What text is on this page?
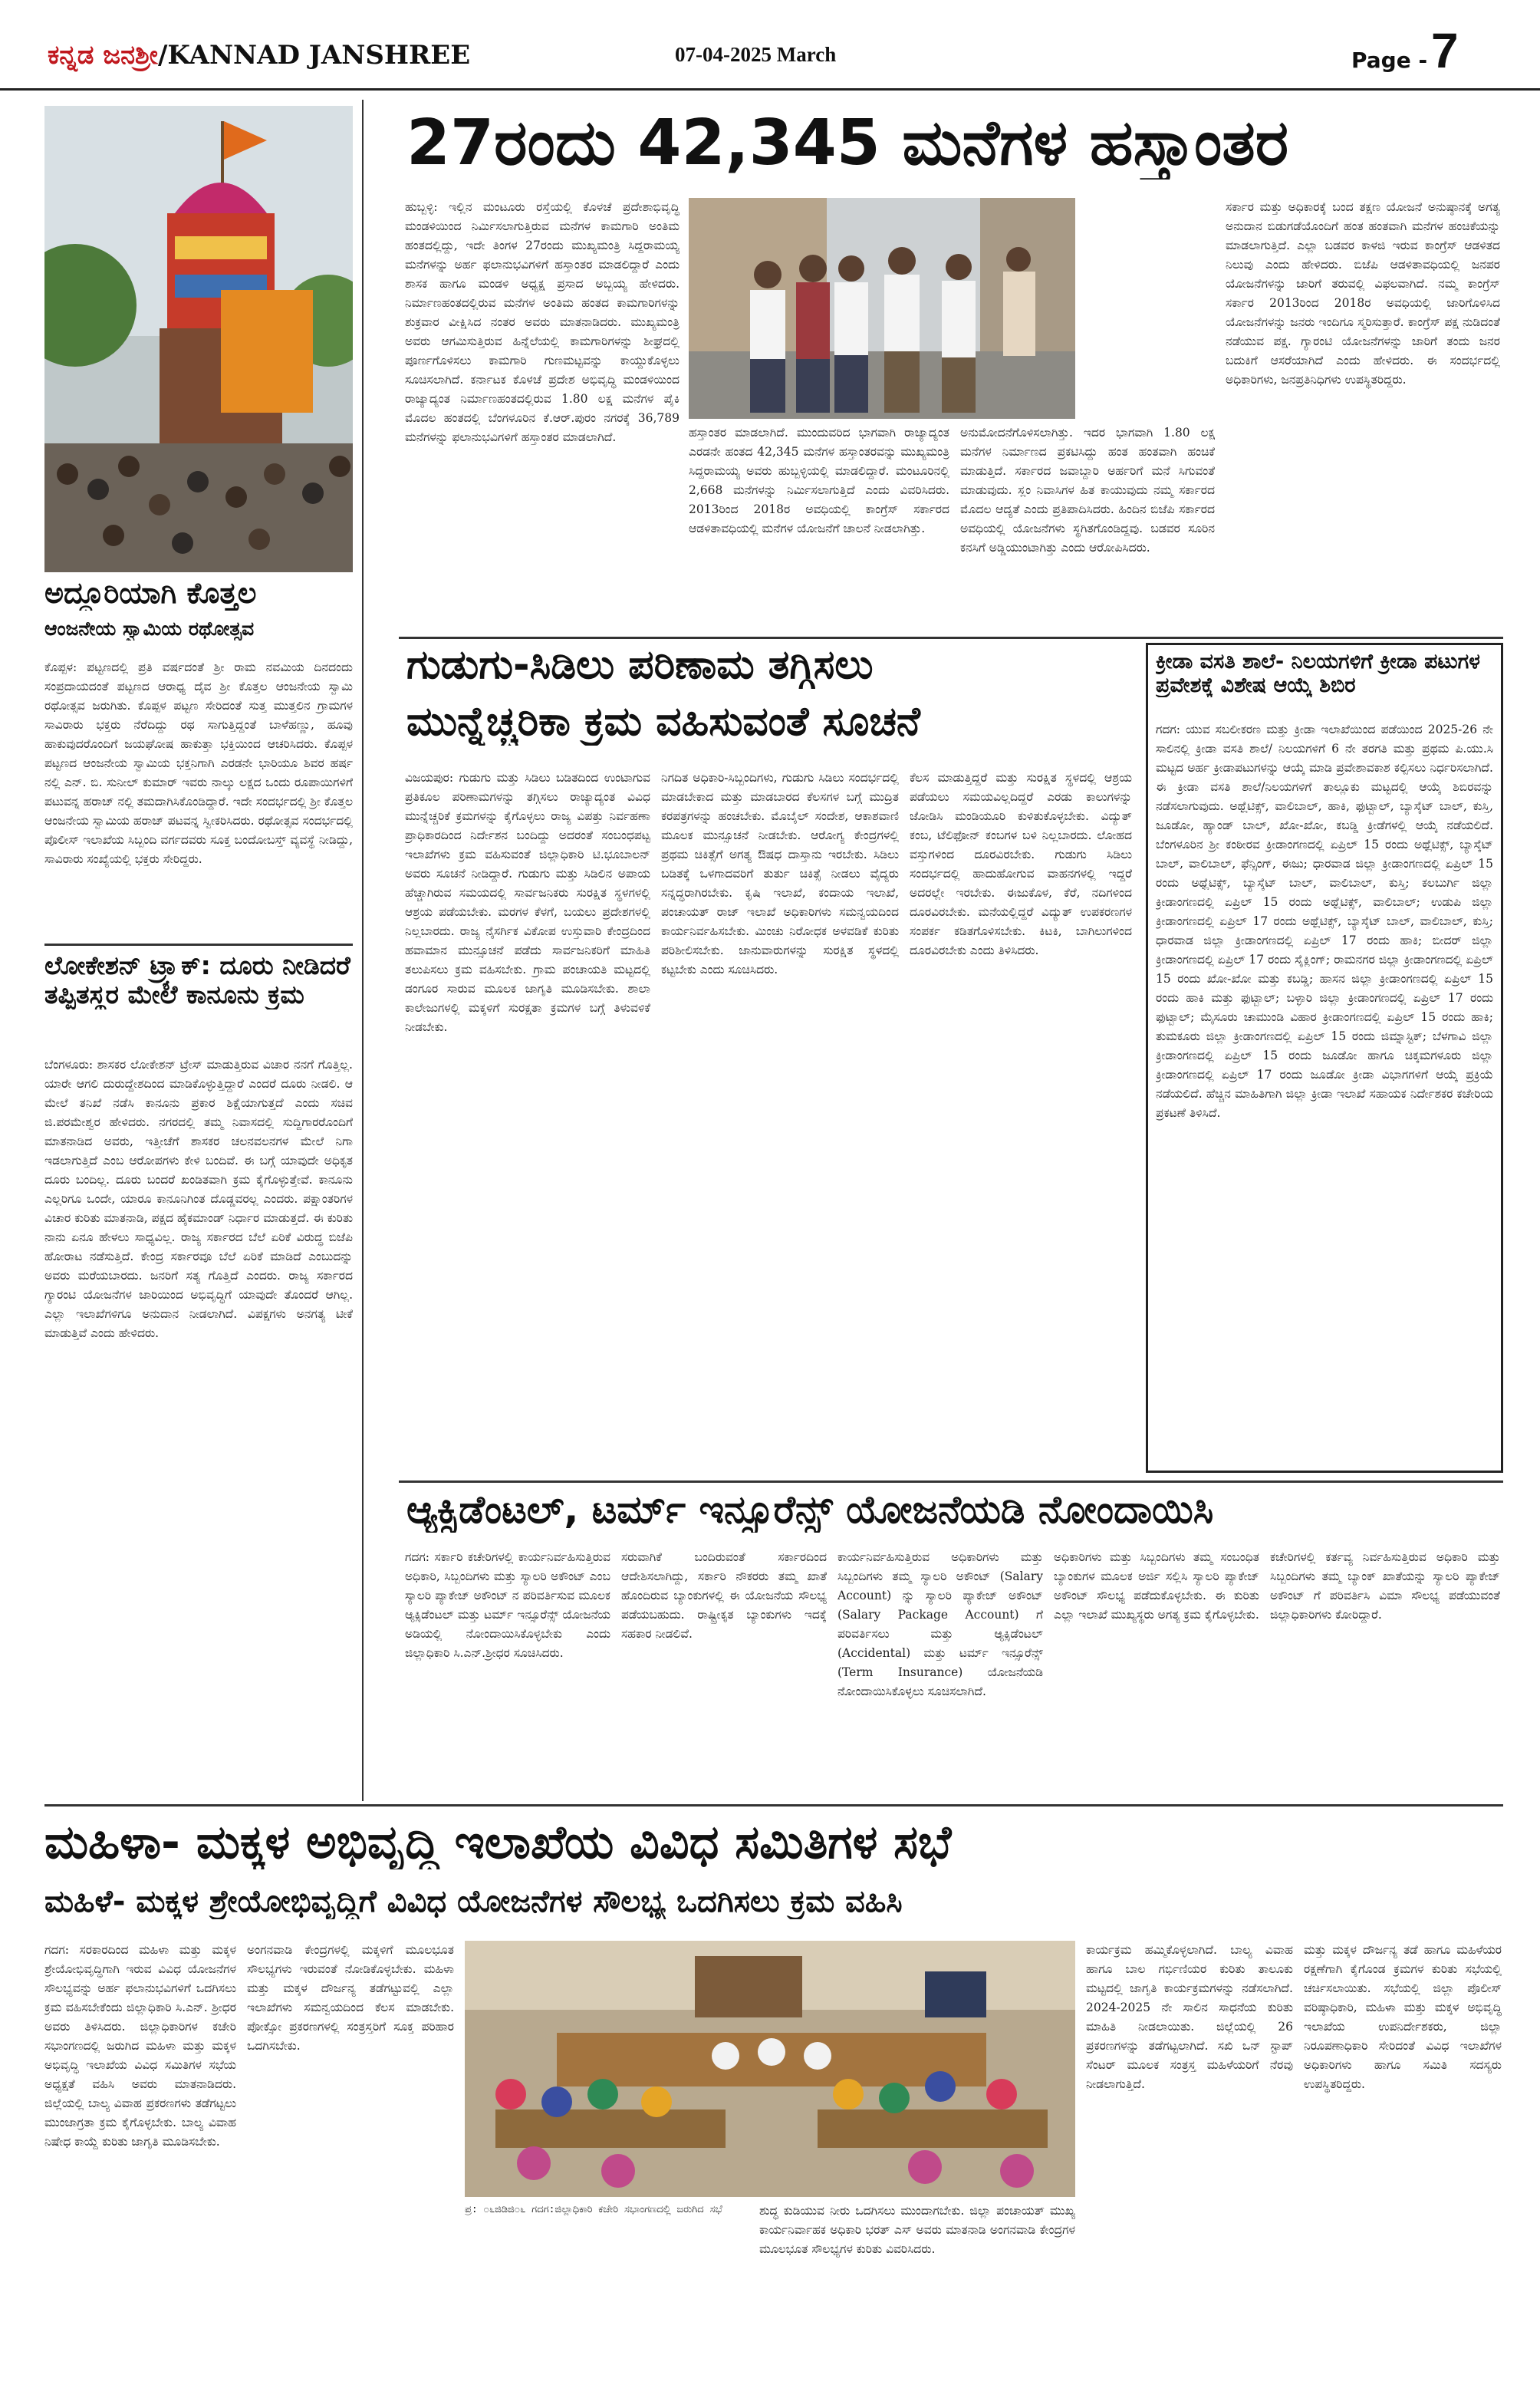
ಕನ್ನಡ ಜನಶ್ರೀ/KANNAD JANSHREE	07-04-2025 March	Page - 7
ಅದ್ದೂರಿಯಾಗಿ ಕೊತ್ತಲ
ಆಂಜನೇಯ ಸ್ವಾಮಿಯ ರಥೋತ್ಸವ
ಕೊಪ್ಪಳ: ಪಟ್ಟಣದಲ್ಲಿ ಪ್ರತಿ ವರ್ಷದಂತೆ ಶ್ರೀ ರಾಮ ನವಮಿಯ ದಿನದಂದು ಸಂಪ್ರದಾಯದಂತೆ ಪಟ್ಟಣದ ಆರಾಧ್ಯ ದೈವ ಶ್ರೀ ಕೊತ್ತಲ ಆಂಜನೇಯ ಸ್ವಾಮಿ ರಥೋತ್ಸವ ಜರುಗಿತು. ಕೊಪ್ಪಳ ಪಟ್ಟಣ ಸೇರಿದಂತೆ ಸುತ್ತ ಮುತ್ತಲಿನ ಗ್ರಾಮಗಳ ಸಾವಿರಾರು ಭಕ್ತರು ನೆರೆದಿದ್ದು ರಥ ಸಾಗುತ್ತಿದ್ದಂತೆ ಬಾಳೆಹಣ್ಣು, ಹೂವು ಹಾಕುವುದರೊಂದಿಗೆ ಜಯಘೋಷ ಹಾಕುತ್ತಾ ಭಕ್ತಿಯಿಂದ ಆಚರಿಸಿದರು. ಕೊಪ್ಪಳ ಪಟ್ಟಣದ ಆಂಜನೇಯ ಸ್ವಾಮಿಯ ಭಕ್ತನಿಗಾಗಿ ಎರಡನೇ ಭಾರಿಯೂ ಶಿವರ ಹರ್ಷ ನಲ್ಲಿ ಎನ್. ಬಿ. ಸುನೀಲ್ ಕುಮಾರ್ ಇವರು ನಾಲ್ಕು ಲಕ್ಷದ ಒಂದು ರೂಪಾಯಿಗಳಿಗೆ ಪಟುವನ್ನ ಹರಾಜ್ ನಲ್ಲಿ ತಮದಾಗಿಸಿಕೊಂಡಿದ್ದಾರೆ. ಇದೇ ಸಂದರ್ಭದಲ್ಲಿ ಶ್ರೀ ಕೊತ್ತಲ ಆಂಜನೇಯ ಸ್ವಾಮಿಯ ಹರಾಜ್ ಪಟವನ್ನ ಸ್ವೀಕರಿಸಿದರು. ರಥೋತ್ಸವ ಸಂದರ್ಭದಲ್ಲಿ ಪೊಲೀಸ್ ಇಲಾಖೆಯ ಸಿಬ್ಬಂದಿ ವರ್ಗದವರು ಸೂಕ್ತ ಬಂದೋಬಸ್ತ್ ವ್ಯವಸ್ಥೆ ನೀಡಿದ್ದು, ಸಾವಿರಾರು ಸಂಖ್ಯೆಯಲ್ಲಿ ಭಕ್ತರು ಸೇರಿದ್ದರು.
ಲೋಕೇಶನ್ ಟ್ರ್ಯಾಕ್: ದೂರು ನೀಡಿದರೆ ತಪ್ಪಿತಸ್ಥರ ಮೇಲೆ ಕಾನೂನು ಕ್ರಮ
ಬೆಂಗಳೂರು: ಶಾಸಕರ ಲೋಕೇಶನ್ ಟ್ರೇಸ್ ಮಾಡುತ್ತಿರುವ ವಿಚಾರ ನನಗೆ ಗೊತ್ತಿಲ್ಲ. ಯಾರೇ ಆಗಲಿ ದುರುದ್ದೇಶದಿಂದ ಮಾಡಿಕೊಳ್ಳುತ್ತಿದ್ದಾರೆ ಎಂದರೆ ದೂರು ನೀಡಲಿ. ಆ ಮೇಲೆ ತನಿಖೆ ನಡೆಸಿ ಕಾನೂನು ಪ್ರಕಾರ ಶಿಕ್ಷೆಯಾಗುತ್ತದೆ ಎಂದು ಸಚಿವ ಜಿ.ಪರಮೇಶ್ವರ ಹೇಳಿದರು. ನಗರದಲ್ಲಿ ತಮ್ಮ ನಿವಾಸದಲ್ಲಿ ಸುದ್ದಿಗಾರರೊಂದಿಗೆ ಮಾತನಾಡಿದ ಅವರು, ಇತ್ತೀಚೆಗೆ ಶಾಸಕರ ಚಲನವಲನಗಳ ಮೇಲೆ ನಿಗಾ ಇಡಲಾಗುತ್ತಿದೆ ಎಂಬ ಆರೋಪಗಳು ಕೇಳಿ ಬಂದಿವೆ. ಈ ಬಗ್ಗೆ ಯಾವುದೇ ಅಧಿಕೃತ ದೂರು ಬಂದಿಲ್ಲ. ದೂರು ಬಂದರೆ ಖಂಡಿತವಾಗಿ ಕ್ರಮ ಕೈಗೊಳ್ಳುತ್ತೇವೆ. ಕಾನೂನು ಎಲ್ಲರಿಗೂ ಒಂದೇ, ಯಾರೂ ಕಾನೂನಿಗಿಂತ ದೊಡ್ಡವರಲ್ಲ ಎಂದರು. ಪಕ್ಷಾಂತರಿಗಳ ವಿಚಾರ ಕುರಿತು ಮಾತನಾಡಿ, ಪಕ್ಷದ ಹೈಕಮಾಂಡ್ ನಿರ್ಧಾರ ಮಾಡುತ್ತದೆ. ಈ ಕುರಿತು ನಾನು ಏನೂ ಹೇಳಲು ಸಾಧ್ಯವಿಲ್ಲ. ರಾಜ್ಯ ಸರ್ಕಾರದ ಬೆಲೆ ಏರಿಕೆ ವಿರುದ್ಧ ಬಿಜೆಪಿ ಹೋರಾಟ ನಡೆಸುತ್ತಿದೆ. ಕೇಂದ್ರ ಸರ್ಕಾರವೂ ಬೆಲೆ ಏರಿಕೆ ಮಾಡಿದೆ ಎಂಬುದನ್ನು ಅವರು ಮರೆಯಬಾರದು. ಜನರಿಗೆ ಸತ್ಯ ಗೊತ್ತಿದೆ ಎಂದರು. ರಾಜ್ಯ ಸರ್ಕಾರದ ಗ್ಯಾರಂಟಿ ಯೋಜನೆಗಳ ಜಾರಿಯಿಂದ ಅಭಿವೃದ್ಧಿಗೆ ಯಾವುದೇ ತೊಂದರೆ ಆಗಿಲ್ಲ. ಎಲ್ಲಾ ಇಲಾಖೆಗಳಿಗೂ ಅನುದಾನ ನೀಡಲಾಗಿದೆ. ವಿಪಕ್ಷಗಳು ಅನಗತ್ಯ ಟೀಕೆ ಮಾಡುತ್ತಿವೆ ಎಂದು ಹೇಳಿದರು.
27ರಂದು 42,345 ಮನೆಗಳ ಹಸ್ತಾಂತರ
ಹುಬ್ಬಳ್ಳಿ: ಇಲ್ಲಿನ ಮಂಟೂರು ರಸ್ತೆಯಲ್ಲಿ ಕೊಳಚೆ ಪ್ರದೇಶಾಭಿವೃದ್ಧಿ ಮಂಡಳಿಯಿಂದ ನಿರ್ಮಿಸಲಾಗುತ್ತಿರುವ ಮನೆಗಳ ಕಾಮಗಾರಿ ಅಂತಿಮ ಹಂತದಲ್ಲಿದ್ದು, ಇದೇ ತಿಂಗಳ 27ರಂದು ಮುಖ್ಯಮಂತ್ರಿ ಸಿದ್ದರಾಮಯ್ಯ ಮನೆಗಳನ್ನು ಅರ್ಹ ಫಲಾನುಭವಿಗಳಿಗೆ ಹಸ್ತಾಂತರ ಮಾಡಲಿದ್ದಾರೆ ಎಂದು ಶಾಸಕ ಹಾಗೂ ಮಂಡಳಿ ಅಧ್ಯಕ್ಷ ಪ್ರಸಾದ ಅಬ್ಬಯ್ಯ ಹೇಳಿದರು. ನಿರ್ಮಾಣಹಂತದಲ್ಲಿರುವ ಮನೆಗಳ ಅಂತಿಮ ಹಂತದ ಕಾಮಗಾರಿಗಳನ್ನು ಶುಕ್ರವಾರ ವೀಕ್ಷಿಸಿದ ನಂತರ ಅವರು ಮಾತನಾಡಿದರು. ಮುಖ್ಯಮಂತ್ರಿ ಅವರು ಆಗಮಿಸುತ್ತಿರುವ ಹಿನ್ನೆಲೆಯಲ್ಲಿ ಕಾಮಗಾರಿಗಳನ್ನು ಶೀಘ್ರದಲ್ಲಿ ಪೂರ್ಣಗೊಳಿಸಲು ಕಾಮಗಾರಿ ಗುಣಮಟ್ಟವನ್ನು ಕಾಯ್ದುಕೊಳ್ಳಲು ಸೂಚಿಸಲಾಗಿದೆ. ಕರ್ನಾಟಕ ಕೊಳಚೆ ಪ್ರದೇಶ ಅಭಿವೃದ್ಧಿ ಮಂಡಳಿಯಿಂದ ರಾಜ್ಯಾದ್ಯಂತ ನಿರ್ಮಾಣಹಂತದಲ್ಲಿರುವ 1.80 ಲಕ್ಷ ಮನೆಗಳ ಪೈಕಿ ಮೊದಲ ಹಂತದಲ್ಲಿ ಬೆಂಗಳೂರಿನ ಕೆ.ಆರ್.ಪುರಂ ನಗರಕ್ಕೆ 36,789 ಮನೆಗಳನ್ನು ಫಲಾನುಭವಿಗಳಿಗೆ ಹಸ್ತಾಂತರ ಮಾಡಲಾಗಿದೆ.	ಹಸ್ತಾಂತರ ಮಾಡಲಾಗಿದೆ. ಮುಂದುವರಿದ ಭಾಗವಾಗಿ ರಾಜ್ಯಾದ್ಯಂತ ಎರಡನೇ ಹಂತದ 42,345 ಮನೆಗಳ ಹಸ್ತಾಂತರವನ್ನು ಮುಖ್ಯಮಂತ್ರಿ ಸಿದ್ದರಾಮಯ್ಯ ಅವರು ಹುಬ್ಬಳ್ಳಿಯಲ್ಲಿ ಮಾಡಲಿದ್ದಾರೆ. ಮಂಟೂರಿನಲ್ಲಿ 2,668 ಮನೆಗಳನ್ನು ನಿರ್ಮಿಸಲಾಗುತ್ತಿದೆ ಎಂದು ವಿವರಿಸಿದರು. 2013ರಿಂದ 2018ರ ಅವಧಿಯಲ್ಲಿ ಕಾಂಗ್ರೆಸ್ ಸರ್ಕಾರದ ಆಡಳಿತಾವಧಿಯಲ್ಲಿ ಮನೆಗಳ ಯೋಜನೆಗೆ ಚಾಲನೆ ನೀಡಲಾಗಿತ್ತು.
ಅನುಮೋದನೆಗೊಳಿಸಲಾಗಿತ್ತು. ಇದರ ಭಾಗವಾಗಿ 1.80 ಲಕ್ಷ ಮನೆಗಳ ನಿರ್ಮಾಣದ ಪ್ರಕಟಿಸಿದ್ದು ಹಂತ ಹಂತವಾಗಿ ಹಂಚಿಕೆ ಮಾಡುತ್ತಿದೆ. ಸರ್ಕಾರದ ಜವಾಬ್ದಾರಿ ಅರ್ಹರಿಗೆ ಮನೆ ಸಿಗುವಂತೆ ಮಾಡುವುದು. ಸ್ಲಂ ನಿವಾಸಿಗಳ ಹಿತ ಕಾಯುವುದು ನಮ್ಮ ಸರ್ಕಾರದ ಮೊದಲ ಆದ್ಯತೆ ಎಂದು ಪ್ರತಿಪಾದಿಸಿದರು. ಹಿಂದಿನ ಬಿಜೆಪಿ ಸರ್ಕಾರದ ಅವಧಿಯಲ್ಲಿ ಯೋಜನೆಗಳು ಸ್ಥಗಿತಗೊಂಡಿದ್ದವು. ಬಡವರ ಸೂರಿನ ಕನಸಿಗೆ ಅಡ್ಡಿಯುಂಟಾಗಿತ್ತು ಎಂದು ಆರೋಪಿಸಿದರು.
ಸರ್ಕಾರ ಮತ್ತು ಅಧಿಕಾರಕ್ಕೆ ಬಂದ ತಕ್ಷಣ ಯೋಜನೆ ಅನುಷ್ಠಾನಕ್ಕೆ ಅಗತ್ಯ ಅನುದಾನ ಬಿಡುಗಡೆಯೊಂದಿಗೆ ಹಂತ ಹಂತವಾಗಿ ಮನೆಗಳ ಹಂಚಿಕೆಯನ್ನು ಮಾಡಲಾಗುತ್ತಿದೆ. ಎಲ್ಲಾ ಬಡವರ ಕಾಳಜಿ ಇರುವ ಕಾಂಗ್ರೆಸ್ ಆಡಳಿತದ ನಿಲುವು ಎಂದು ಹೇಳಿದರು. ಬಿಜೆಪಿ ಆಡಳಿತಾವಧಿಯಲ್ಲಿ ಜನಪರ ಯೋಜನೆಗಳನ್ನು ಜಾರಿಗೆ ತರುವಲ್ಲಿ ವಿಫಲವಾಗಿದೆ. ನಮ್ಮ ಕಾಂಗ್ರೆಸ್ ಸರ್ಕಾರ 2013ರಿಂದ 2018ರ ಅವಧಿಯಲ್ಲಿ ಜಾರಿಗೊಳಿಸಿದ ಯೋಜನೆಗಳನ್ನು ಜನರು ಇಂದಿಗೂ ಸ್ಮರಿಸುತ್ತಾರೆ. ಕಾಂಗ್ರೆಸ್ ಪಕ್ಷ ನುಡಿದಂತೆ ನಡೆಯುವ ಪಕ್ಷ. ಗ್ಯಾರಂಟಿ ಯೋಜನೆಗಳನ್ನು ಜಾರಿಗೆ ತಂದು ಜನರ ಬದುಕಿಗೆ ಆಸರೆಯಾಗಿದೆ ಎಂದು ಹೇಳಿದರು. ಈ ಸಂದರ್ಭದಲ್ಲಿ ಅಧಿಕಾರಿಗಳು, ಜನಪ್ರತಿನಿಧಿಗಳು ಉಪಸ್ಥಿತರಿದ್ದರು.
ಗುಡುಗು-ಸಿಡಿಲು ಪರಿಣಾಮ ತಗ್ಗಿಸಲು
ಮುನ್ನೆಚ್ಚರಿಕಾ ಕ್ರಮ ವಹಿಸುವಂತೆ ಸೂಚನೆ
ವಿಜಯಪುರ: ಗುಡುಗು ಮತ್ತು ಸಿಡಿಲು ಬಡಿತದಿಂದ ಉಂಟಾಗುವ ಪ್ರತಿಕೂಲ ಪರಿಣಾಮಗಳನ್ನು ತಗ್ಗಿಸಲು ರಾಜ್ಯಾದ್ಯಂತ ವಿವಿಧ ಮುನ್ನೆಚ್ಚರಿಕೆ ಕ್ರಮಗಳನ್ನು ಕೈಗೊಳ್ಳಲು ರಾಜ್ಯ ವಿಪತ್ತು ನಿರ್ವಹಣಾ ಪ್ರಾಧಿಕಾರದಿಂದ ನಿರ್ದೇಶನ ಬಂದಿದ್ದು ಅದರಂತೆ ಸಂಬಂಧಪಟ್ಟ ಇಲಾಖೆಗಳು ಕ್ರಮ ವಹಿಸುವಂತೆ ಜಿಲ್ಲಾಧಿಕಾರಿ ಟಿ.ಭೂಬಾಲನ್ ಅವರು ಸೂಚನೆ ನೀಡಿದ್ದಾರೆ. ಗುಡುಗು ಮತ್ತು ಸಿಡಿಲಿನ ಅಪಾಯ ಹೆಚ್ಚಾಗಿರುವ ಸಮಯದಲ್ಲಿ ಸಾರ್ವಜನಿಕರು ಸುರಕ್ಷಿತ ಸ್ಥಳಗಳಲ್ಲಿ ಆಶ್ರಯ ಪಡೆಯಬೇಕು. ಮರಗಳ ಕೆಳಗೆ, ಬಯಲು ಪ್ರದೇಶಗಳಲ್ಲಿ ನಿಲ್ಲಬಾರದು. ರಾಜ್ಯ ನೈಸರ್ಗಿಕ ವಿಕೋಪ ಉಸ್ತುವಾರಿ ಕೇಂದ್ರದಿಂದ ಹವಾಮಾನ ಮುನ್ಸೂಚನೆ ಪಡೆದು ಸಾರ್ವಜನಿಕರಿಗೆ ಮಾಹಿತಿ ತಲುಪಿಸಲು ಕ್ರಮ ವಹಿಸಬೇಕು. ಗ್ರಾಮ ಪಂಚಾಯತಿ ಮಟ್ಟದಲ್ಲಿ ಡಂಗೂರ ಸಾರುವ ಮೂಲಕ ಜಾಗೃತಿ ಮೂಡಿಸಬೇಕು. ಶಾಲಾ ಕಾಲೇಜುಗಳಲ್ಲಿ ಮಕ್ಕಳಿಗೆ ಸುರಕ್ಷತಾ ಕ್ರಮಗಳ ಬಗ್ಗೆ ತಿಳುವಳಿಕೆ ನೀಡಬೇಕು.
ನಿಗದಿತ ಅಧಿಕಾರಿ-ಸಿಬ್ಬಂದಿಗಳು, ಗುಡುಗು ಸಿಡಿಲು ಸಂದರ್ಭದಲ್ಲಿ ಮಾಡಬೇಕಾದ ಮತ್ತು ಮಾಡಬಾರದ ಕೆಲಸಗಳ ಬಗ್ಗೆ ಮುದ್ರಿತ ಕರಪತ್ರಗಳನ್ನು ಹಂಚಬೇಕು. ಮೊಬೈಲ್ ಸಂದೇಶ, ಆಕಾಶವಾಣಿ ಮೂಲಕ ಮುನ್ಸೂಚನೆ ನೀಡಬೇಕು. ಆರೋಗ್ಯ ಕೇಂದ್ರಗಳಲ್ಲಿ ಪ್ರಥಮ ಚಿಕಿತ್ಸೆಗೆ ಅಗತ್ಯ ಔಷಧ ದಾಸ್ತಾನು ಇರಬೇಕು. ಸಿಡಿಲು ಬಡಿತಕ್ಕೆ ಒಳಗಾದವರಿಗೆ ತುರ್ತು ಚಿಕಿತ್ಸೆ ನೀಡಲು ವೈದ್ಯರು ಸನ್ನದ್ಧರಾಗಿರಬೇಕು. ಕೃಷಿ ಇಲಾಖೆ, ಕಂದಾಯ ಇಲಾಖೆ, ಪಂಚಾಯತ್ ರಾಜ್ ಇಲಾಖೆ ಅಧಿಕಾರಿಗಳು ಸಮನ್ವಯದಿಂದ ಕಾರ್ಯನಿರ್ವಹಿಸಬೇಕು. ಮಿಂಚು ನಿರೋಧಕ ಅಳವಡಿಕೆ ಕುರಿತು ಪರಿಶೀಲಿಸಬೇಕು. ಜಾನುವಾರುಗಳನ್ನು ಸುರಕ್ಷಿತ ಸ್ಥಳದಲ್ಲಿ ಕಟ್ಟಬೇಕು ಎಂದು ಸೂಚಿಸಿದರು.
ಕೆಲಸ ಮಾಡುತ್ತಿದ್ದರೆ ಮತ್ತು ಸುರಕ್ಷಿತ ಸ್ಥಳದಲ್ಲಿ ಆಶ್ರಯ ಪಡೆಯಲು ಸಮಯವಿಲ್ಲದಿದ್ದರೆ ಎರಡು ಕಾಲುಗಳನ್ನು ಜೋಡಿಸಿ ಮಂಡಿಯೂರಿ ಕುಳಿತುಕೊಳ್ಳಬೇಕು. ವಿದ್ಯುತ್ ಕಂಬ, ಟೆಲಿಫೋನ್ ಕಂಬಗಳ ಬಳಿ ನಿಲ್ಲಬಾರದು. ಲೋಹದ ವಸ್ತುಗಳಿಂದ ದೂರವಿರಬೇಕು. ಗುಡುಗು ಸಿಡಿಲು ಸಂದರ್ಭದಲ್ಲಿ ಹಾದುಹೋಗುವ ವಾಹನಗಳಲ್ಲಿ ಇದ್ದರೆ ಅದರಲ್ಲೇ ಇರಬೇಕು. ಈಜುಕೊಳ, ಕೆರೆ, ನದಿಗಳಿಂದ ದೂರವಿರಬೇಕು. ಮನೆಯಲ್ಲಿದ್ದರೆ ವಿದ್ಯುತ್ ಉಪಕರಣಗಳ ಸಂಪರ್ಕ ಕಡಿತಗೊಳಿಸಬೇಕು. ಕಿಟಕಿ, ಬಾಗಿಲುಗಳಿಂದ ದೂರವಿರಬೇಕು ಎಂದು ತಿಳಿಸಿದರು.
ಕ್ರೀಡಾ ವಸತಿ ಶಾಲೆ- ನಿಲಯಗಳಿಗೆ ಕ್ರೀಡಾ ಪಟುಗಳ ಪ್ರವೇಶಕ್ಕೆ ವಿಶೇಷ ಆಯ್ಕೆ ಶಿಬಿರ
ಗದಗ: ಯುವ ಸಬಲೀಕರಣ ಮತ್ತು ಕ್ರೀಡಾ ಇಲಾಖೆಯಿಂದ ಪಡೆಯಿಂದ 2025-26 ನೇ ಸಾಲಿನಲ್ಲಿ ಕ್ರೀಡಾ ವಸತಿ ಶಾಲೆ/ ನಿಲಯಗಳಿಗೆ 6 ನೇ ತರಗತಿ ಮತ್ತು ಪ್ರಥಮ ಪಿ.ಯು.ಸಿ ಮಟ್ಟದ ಅರ್ಹ ಕ್ರೀಡಾಪಟುಗಳನ್ನು ಆಯ್ಕೆ ಮಾಡಿ ಪ್ರವೇಶಾವಕಾಶ ಕಲ್ಪಿಸಲು ನಿರ್ಧರಿಸಲಾಗಿದೆ. ಈ ಕ್ರೀಡಾ ವಸತಿ ಶಾಲೆ/ನಿಲಯಗಳಿಗೆ ತಾಲ್ಲೂಕು ಮಟ್ಟದಲ್ಲಿ ಆಯ್ಕೆ ಶಿಬಿರವನ್ನು ನಡೆಸಲಾಗುವುದು. ಅಥ್ಲೆಟಿಕ್ಸ್, ವಾಲಿಬಾಲ್, ಹಾಕಿ, ಫುಟ್ಬಾಲ್, ಬ್ಯಾಸ್ಕೆಟ್ ಬಾಲ್, ಕುಸ್ತಿ, ಜೂಡೋ, ಹ್ಯಾಂಡ್ ಬಾಲ್, ಖೋ-ಖೋ, ಕಬಡ್ಡಿ ಕ್ರೀಡೆಗಳಲ್ಲಿ ಆಯ್ಕೆ ನಡೆಯಲಿದೆ. ಬೆಂಗಳೂರಿನ ಶ್ರೀ ಕಂಠೀರವ ಕ್ರೀಡಾಂಗಣದಲ್ಲಿ ಏಪ್ರಿಲ್ 15 ರಂದು ಅಥ್ಲೆಟಿಕ್ಸ್, ಬ್ಯಾಸ್ಕೆಟ್ ಬಾಲ್, ವಾಲಿಬಾಲ್, ಫೆನ್ಸಿಂಗ್, ಈಜು; ಧಾರವಾಡ ಜಿಲ್ಲಾ ಕ್ರೀಡಾಂಗಣದಲ್ಲಿ ಏಪ್ರಿಲ್ 15 ರಂದು ಅಥ್ಲೆಟಿಕ್ಸ್, ಬ್ಯಾಸ್ಕೆಟ್ ಬಾಲ್, ವಾಲಿಬಾಲ್, ಕುಸ್ತಿ; ಕಲಬುರ್ಗಿ ಜಿಲ್ಲಾ ಕ್ರೀಡಾಂಗಣದಲ್ಲಿ ಏಪ್ರಿಲ್ 15 ರಂದು ಅಥ್ಲೆಟಿಕ್ಸ್, ವಾಲಿಬಾಲ್; ಉಡುಪಿ ಜಿಲ್ಲಾ ಕ್ರೀಡಾಂಗಣದಲ್ಲಿ ಏಪ್ರಿಲ್ 17 ರಂದು ಅಥ್ಲೆಟಿಕ್ಸ್, ಬ್ಯಾಸ್ಕೆಟ್ ಬಾಲ್, ವಾಲಿಬಾಲ್, ಕುಸ್ತಿ; ಧಾರವಾಡ ಜಿಲ್ಲಾ ಕ್ರೀಡಾಂಗಣದಲ್ಲಿ ಏಪ್ರಿಲ್ 17 ರಂದು ಹಾಕಿ; ಬೀದರ್ ಜಿಲ್ಲಾ ಕ್ರೀಡಾಂಗಣದಲ್ಲಿ ಏಪ್ರಿಲ್ 17 ರಂದು ಸೈಕ್ಲಿಂಗ್; ರಾಮನಗರ ಜಿಲ್ಲಾ ಕ್ರೀಡಾಂಗಣದಲ್ಲಿ ಏಪ್ರಿಲ್ 15 ರಂದು ಖೋ-ಖೋ ಮತ್ತು ಕಬಡ್ಡಿ; ಹಾಸನ ಜಿಲ್ಲಾ ಕ್ರೀಡಾಂಗಣದಲ್ಲಿ ಏಪ್ರಿಲ್ 15 ರಂದು ಹಾಕಿ ಮತ್ತು ಫುಟ್ಬಾಲ್; ಬಳ್ಳಾರಿ ಜಿಲ್ಲಾ ಕ್ರೀಡಾಂಗಣದಲ್ಲಿ ಏಪ್ರಿಲ್ 17 ರಂದು ಫುಟ್ಬಾಲ್; ಮೈಸೂರು ಚಾಮುಂಡಿ ವಿಹಾರ ಕ್ರೀಡಾಂಗಣದಲ್ಲಿ ಏಪ್ರಿಲ್ 15 ರಂದು ಹಾಕಿ; ತುಮಕೂರು ಜಿಲ್ಲಾ ಕ್ರೀಡಾಂಗಣದಲ್ಲಿ ಏಪ್ರಿಲ್ 15 ರಂದು ಜಿಮ್ನಾಸ್ಟಿಕ್; ಬೆಳಗಾವಿ ಜಿಲ್ಲಾ ಕ್ರೀಡಾಂಗಣದಲ್ಲಿ ಏಪ್ರಿಲ್ 15 ರಂದು ಜೂಡೋ ಹಾಗೂ ಚಿಕ್ಕಮಗಳೂರು ಜಿಲ್ಲಾ ಕ್ರೀಡಾಂಗಣದಲ್ಲಿ ಏಪ್ರಿಲ್ 17 ರಂದು ಜೂಡೋ ಕ್ರೀಡಾ ವಿಭಾಗಗಳಿಗೆ ಆಯ್ಕೆ ಪ್ರಕ್ರಿಯೆ ನಡೆಯಲಿದೆ. ಹೆಚ್ಚಿನ ಮಾಹಿತಿಗಾಗಿ ಜಿಲ್ಲಾ ಕ್ರೀಡಾ ಇಲಾಖೆ ಸಹಾಯಕ ನಿರ್ದೇಶಕರ ಕಚೇರಿಯ ಪ್ರಕಟಣೆ ತಿಳಿಸಿದೆ.
ಆ್ಯಕ್ಸಿಡೆಂಟಲ್, ಟರ್ಮ್ ಇನ್ಸೂರೆನ್ಸ್ ಯೋಜನೆಯಡಿ ನೋಂದಾಯಿಸಿ
ಗದಗ: ಸರ್ಕಾರಿ ಕಚೇರಿಗಳಲ್ಲಿ ಕಾರ್ಯನಿರ್ವಹಿಸುತ್ತಿರುವ ಅಧಿಕಾರಿ, ಸಿಬ್ಬಂದಿಗಳು ಮತ್ತು ಸ್ಯಾಲರಿ ಅಕೌಂಟ್ ಎಂಬ ಸ್ಯಾಲರಿ ಪ್ಯಾಕೇಜ್ ಅಕೌಂಟ್ ನ ಪರಿವರ್ತಿಸುವ ಮೂಲಕ ಆ್ಯಕ್ಸಿಡೆಂಟಲ್ ಮತ್ತು ಟರ್ಮ್ ಇನ್ಸೂರೆನ್ಸ್ ಯೋಜನೆಯ ಅಡಿಯಲ್ಲಿ ನೋಂದಾಯಿಸಿಕೊಳ್ಳಬೇಕು ಎಂದು ಜಿಲ್ಲಾಧಿಕಾರಿ ಸಿ.ಎನ್.ಶ್ರೀಧರ ಸೂಚಿಸಿದರು.
ಸರುವಾಗಿಕೆ ಬಂದಿರುವಂತೆ ಸರ್ಕಾರದಿಂದ ಆದೇಶಿಸಲಾಗಿದ್ದು, ಸರ್ಕಾರಿ ನೌಕರರು ತಮ್ಮ ಖಾತೆ ಹೊಂದಿರುವ ಬ್ಯಾಂಕುಗಳಲ್ಲಿ ಈ ಯೋಜನೆಯ ಸೌಲಭ್ಯ ಪಡೆಯಬಹುದು. ರಾಷ್ಟ್ರೀಕೃತ ಬ್ಯಾಂಕುಗಳು ಇದಕ್ಕೆ ಸಹಕಾರ ನೀಡಲಿವೆ.
ಕಾರ್ಯನಿರ್ವಹಿಸುತ್ತಿರುವ ಅಧಿಕಾರಿಗಳು ಮತ್ತು ಸಿಬ್ಬಂದಿಗಳು ತಮ್ಮ ಸ್ಯಾಲರಿ ಅಕೌಂಟ್ (Salary Account) ನ್ನು ಸ್ಯಾಲರಿ ಪ್ಯಾಕೇಜ್ ಅಕೌಂಟ್ (Salary Package Account) ಗೆ ಪರಿವರ್ತಿಸಲು ಮತ್ತು ಆ್ಯಕ್ಸಿಡೆಂಟಲ್ (Accidental) ಮತ್ತು ಟರ್ಮ್ ಇನ್ಸೂರೆನ್ಸ್ (Term Insurance) ಯೋಜನೆಯಡಿ ನೋಂದಾಯಿಸಿಕೊಳ್ಳಲು ಸೂಚಿಸಲಾಗಿದೆ.
ಅಧಿಕಾರಿಗಳು ಮತ್ತು ಸಿಬ್ಬಂದಿಗಳು ತಮ್ಮ ಸಂಬಂಧಿತ ಬ್ಯಾಂಕುಗಳ ಮೂಲಕ ಅರ್ಜಿ ಸಲ್ಲಿಸಿ ಸ್ಯಾಲರಿ ಪ್ಯಾಕೇಜ್ ಅಕೌಂಟ್ ಸೌಲಭ್ಯ ಪಡೆದುಕೊಳ್ಳಬೇಕು. ಈ ಕುರಿತು ಎಲ್ಲಾ ಇಲಾಖೆ ಮುಖ್ಯಸ್ಥರು ಅಗತ್ಯ ಕ್ರಮ ಕೈಗೊಳ್ಳಬೇಕು.
ಕಚೇರಿಗಳಲ್ಲಿ ಕರ್ತವ್ಯ ನಿರ್ವಹಿಸುತ್ತಿರುವ ಅಧಿಕಾರಿ ಮತ್ತು ಸಿಬ್ಬಂದಿಗಳು ತಮ್ಮ ಬ್ಯಾಂಕ್ ಖಾತೆಯನ್ನು ಸ್ಯಾಲರಿ ಪ್ಯಾಕೇಜ್ ಅಕೌಂಟ್ ಗೆ ಪರಿವರ್ತಿಸಿ ವಿಮಾ ಸೌಲಭ್ಯ ಪಡೆಯುವಂತೆ ಜಿಲ್ಲಾಧಿಕಾರಿಗಳು ಕೋರಿದ್ದಾರೆ.
ಮಹಿಳಾ- ಮಕ್ಕಳ ಅಭಿವೃದ್ಧಿ ಇಲಾಖೆಯ ವಿವಿಧ ಸಮಿತಿಗಳ ಸಭೆ
ಮಹಿಳೆ- ಮಕ್ಕಳ ಶ್ರೇಯೋಭಿವೃದ್ಧಿಗೆ ವಿವಿಧ ಯೋಜನೆಗಳ ಸೌಲಭ್ಯ ಒದಗಿಸಲು ಕ್ರಮ ವಹಿಸಿ
ಗದಗ: ಸರಕಾರದಿಂದ ಮಹಿಳಾ ಮತ್ತು ಮಕ್ಕಳ ಶ್ರೇಯೋಭಿವೃದ್ಧಿಗಾಗಿ ಇರುವ ವಿವಿಧ ಯೋಜನೆಗಳ ಸೌಲಭ್ಯವನ್ನು ಅರ್ಹ ಫಲಾನುಭವಿಗಳಿಗೆ ಒದಗಿಸಲು ಕ್ರಮ ವಹಿಸಬೇಕೆಂದು ಜಿಲ್ಲಾಧಿಕಾರಿ ಸಿ.ಎನ್. ಶ್ರೀಧರ ಅವರು ತಿಳಿಸಿದರು. ಜಿಲ್ಲಾಧಿಕಾರಿಗಳ ಕಚೇರಿ ಸಭಾಂಗಣದಲ್ಲಿ ಜರುಗಿದ ಮಹಿಳಾ ಮತ್ತು ಮಕ್ಕಳ ಅಭಿವೃದ್ಧಿ ಇಲಾಖೆಯ ವಿವಿಧ ಸಮಿತಿಗಳ ಸಭೆಯ ಅಧ್ಯಕ್ಷತೆ ವಹಿಸಿ ಅವರು ಮಾತನಾಡಿದರು. ಜಿಲ್ಲೆಯಲ್ಲಿ ಬಾಲ್ಯ ವಿವಾಹ ಪ್ರಕರಣಗಳು ತಡೆಗಟ್ಟಲು ಮುಂಜಾಗ್ರತಾ ಕ್ರಮ ಕೈಗೊಳ್ಳಬೇಕು. ಬಾಲ್ಯ ವಿವಾಹ ನಿಷೇಧ ಕಾಯ್ದೆ ಕುರಿತು ಜಾಗೃತಿ ಮೂಡಿಸಬೇಕು.
ಅಂಗನವಾಡಿ ಕೇಂದ್ರಗಳಲ್ಲಿ ಮಕ್ಕಳಿಗೆ ಮೂಲಭೂತ ಸೌಲಭ್ಯಗಳು ಇರುವಂತೆ ನೋಡಿಕೊಳ್ಳಬೇಕು. ಮಹಿಳಾ ಮತ್ತು ಮಕ್ಕಳ ದೌರ್ಜನ್ಯ ತಡೆಗಟ್ಟುವಲ್ಲಿ ಎಲ್ಲಾ ಇಲಾಖೆಗಳು ಸಮನ್ವಯದಿಂದ ಕೆಲಸ ಮಾಡಬೇಕು. ಪೋಕ್ಸೋ ಪ್ರಕರಣಗಳಲ್ಲಿ ಸಂತ್ರಸ್ತರಿಗೆ ಸೂಕ್ತ ಪರಿಹಾರ ಒದಗಿಸಬೇಕು.
ಪ್ರ: ೦೬ಜಿಡಿಜಿ೦೬ ಗದಗ:ಜಿಲ್ಲಾಧಿಕಾರಿ ಕಚೇರಿ ಸಭಾಂಗಣದಲ್ಲಿ ಜರುಗಿದ ಸಭೆ	ಶುದ್ಧ ಕುಡಿಯುವ ನೀರು ಒದಗಿಸಲು ಮುಂದಾಗಬೇಕು. ಜಿಲ್ಲಾ ಪಂಚಾಯತ್ ಮುಖ್ಯ ಕಾರ್ಯನಿರ್ವಾಹಕ ಅಧಿಕಾರಿ ಭರತ್ ಎಸ್ ಅವರು ಮಾತನಾಡಿ ಅಂಗನವಾಡಿ ಕೇಂದ್ರಗಳ ಮೂಲಭೂತ ಸೌಲಭ್ಯಗಳ ಕುರಿತು ವಿವರಿಸಿದರು.
ಕಾರ್ಯಕ್ರಮ ಹಮ್ಮಿಕೊಳ್ಳಲಾಗಿದೆ. ಬಾಲ್ಯ ವಿವಾಹ ಹಾಗೂ ಬಾಲ ಗರ್ಭಿಣಿಯರ ಕುರಿತು ತಾಲೂಕು ಮಟ್ಟದಲ್ಲಿ ಜಾಗೃತಿ ಕಾರ್ಯಕ್ರಮಗಳನ್ನು ನಡೆಸಲಾಗಿದೆ. 2024-2025 ನೇ ಸಾಲಿನ ಸಾಧನೆಯ ಕುರಿತು ಮಾಹಿತಿ ನೀಡಲಾಯಿತು. ಜಿಲ್ಲೆಯಲ್ಲಿ 26 ಪ್ರಕರಣಗಳನ್ನು ತಡೆಗಟ್ಟಲಾಗಿದೆ. ಸಖಿ ಒನ್ ಸ್ಟಾಪ್ ಸೆಂಟರ್ ಮೂಲಕ ಸಂತ್ರಸ್ತ ಮಹಿಳೆಯರಿಗೆ ನೆರವು ನೀಡಲಾಗುತ್ತಿದೆ.
ಮತ್ತು ಮಕ್ಕಳ ದೌರ್ಜನ್ಯ ತಡೆ ಹಾಗೂ ಮಹಿಳೆಯರ ರಕ್ಷಣೆಗಾಗಿ ಕೈಗೊಂಡ ಕ್ರಮಗಳ ಕುರಿತು ಸಭೆಯಲ್ಲಿ ಚರ್ಚಿಸಲಾಯಿತು. ಸಭೆಯಲ್ಲಿ ಜಿಲ್ಲಾ ಪೊಲೀಸ್ ವರಿಷ್ಠಾಧಿಕಾರಿ, ಮಹಿಳಾ ಮತ್ತು ಮಕ್ಕಳ ಅಭಿವೃದ್ಧಿ ಇಲಾಖೆಯ ಉಪನಿರ್ದೇಶಕರು, ಜಿಲ್ಲಾ ನಿರೂಪಣಾಧಿಕಾರಿ ಸೇರಿದಂತೆ ವಿವಿಧ ಇಲಾಖೆಗಳ ಅಧಿಕಾರಿಗಳು ಹಾಗೂ ಸಮಿತಿ ಸದಸ್ಯರು ಉಪಸ್ಥಿತರಿದ್ದರು.
